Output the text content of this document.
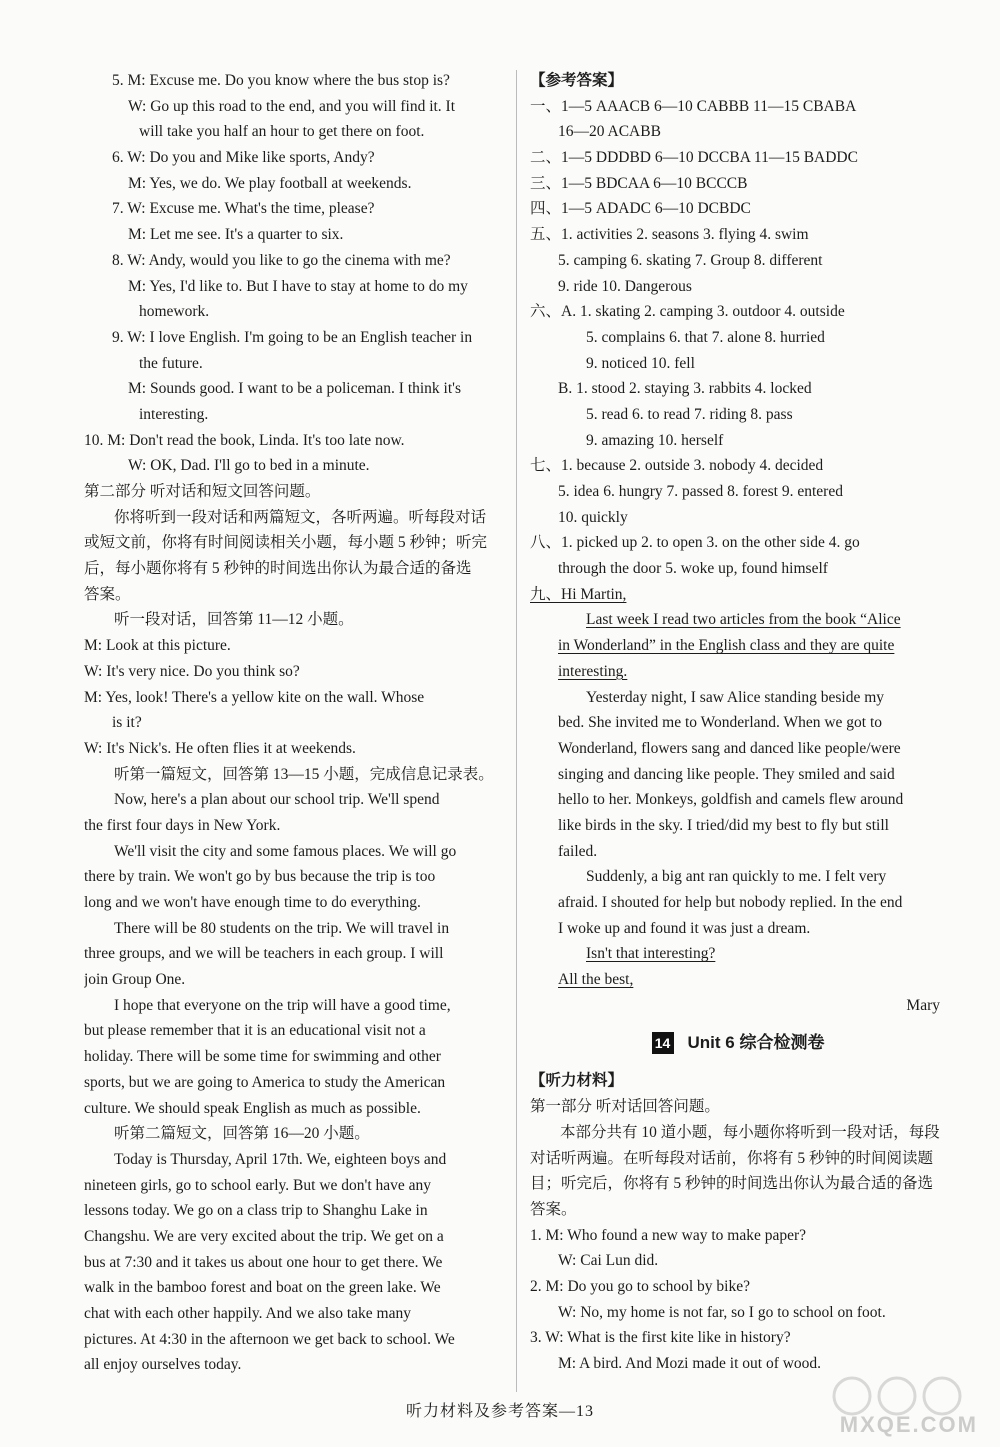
5. M: Excuse me. Do you know where the bus stop is?
W: Go up this road to the end, and you will find it. It
will take you half an hour to get there on foot.
6. W: Do you and Mike like sports, Andy?
M: Yes, we do. We play football at weekends.
7. W: Excuse me. What's the time, please?
M: Let me see. It's a quarter to six.
8. W: Andy, would you like to go the cinema with me?
M: Yes, I'd like to. But I have to stay at home to do my
homework.
9. W: I love English. I'm going to be an English teacher in
the future.
M: Sounds good. I want to be a policeman. I think it's
interesting.
10. M: Don't read the book, Linda. It's too late now.
W: OK, Dad. I'll go to bed in a minute.
第二部分 听对话和短文回答问题。
你将听到一段对话和两篇短文，各听两遍。听每段对话
或短文前，你将有时间阅读相关小题，每小题 5 秒钟；听完
后，每小题你将有 5 秒钟的时间选出你认为最合适的备选
答案。
听一段对话，回答第 11—12 小题。
M: Look at this picture.
W: It's very nice. Do you think so?
M: Yes, look! There's a yellow kite on the wall. Whose
is it?
W: It's Nick's. He often flies it at weekends.
听第一篇短文，回答第 13—15 小题，完成信息记录表。
Now, here's a plan about our school trip. We'll spend
the first four days in New York.
We'll visit the city and some famous places. We will go
there by train. We won't go by bus because the trip is too
long and we won't have enough time to do everything.
There will be 80 students on the trip. We will travel in
three groups, and we will be teachers in each group. I will
join Group One.
I hope that everyone on the trip will have a good time,
but please remember that it is an educational visit not a
holiday. There will be some time for swimming and other
sports, but we are going to America to study the American
culture. We should speak English as much as possible.
听第二篇短文，回答第 16—20 小题。
Today is Thursday, April 17th. We, eighteen boys and
nineteen girls, go to school early. But we don't have any
lessons today. We go on a class trip to Shanghu Lake in
Changshu. We are very excited about the trip. We get on a
bus at 7:30 and it takes us about one hour to get there. We
walk in the bamboo forest and boat on the green lake. We
chat with each other happily. And we also take many
pictures. At 4:30 in the afternoon we get back to school. We
all enjoy ourselves today.
【参考答案】
一、1—5 AAACB 6—10 CABBB 11—15 CBABA
16—20 ACABB
二、1—5 DDDBD 6—10 DCCBA 11—15 BADDC
三、1—5 BDCAA 6—10 BCCCB
四、1—5 ADADC 6—10 DCBDC
五、1. activities 2. seasons 3. flying 4. swim
5. camping 6. skating 7. Group 8. different
9. ride 10. Dangerous
六、A. 1. skating 2. camping 3. outdoor 4. outside
5. complains 6. that 7. alone 8. hurried
9. noticed 10. fell
B. 1. stood 2. staying 3. rabbits 4. locked
5. read 6. to read 7. riding 8. pass
9. amazing 10. herself
七、1. because 2. outside 3. nobody 4. decided
5. idea 6. hungry 7. passed 8. forest 9. entered
10. quickly
八、1. picked up 2. to open 3. on the other side 4. go
through the door 5. woke up, found himself
九、Hi Martin,
Last week I read two articles from the book “Alice
in Wonderland” in the English class and they are quite
interesting.
Yesterday night, I saw Alice standing beside my
bed. She invited me to Wonderland. When we got to
Wonderland, flowers sang and danced like people/were
singing and dancing like people. They smiled and said
hello to her. Monkeys, goldfish and camels flew around
like birds in the sky. I tried/did my best to fly but still
failed.
Suddenly, a big ant ran quickly to me. I felt very
afraid. I shouted for help but nobody replied. In the end
I woke up and found it was just a dream.
Isn't that interesting?
All the best,
Mary
14 Unit 6 综合检测卷
【听力材料】
第一部分 听对话回答问题。
本部分共有 10 道小题，每小题你将听到一段对话，每段
对话听两遍。在听每段对话前，你将有 5 秒钟的时间阅读题
目；听完后，你将有 5 秒钟的时间选出你认为最合适的备选
答案。
1. M: Who found a new way to make paper?
W: Cai Lun did.
2. M: Do you go to school by bike?
W: No, my home is not far, so I go to school on foot.
3. W: What is the first kite like in history?
M: A bird. And Mozi made it out of wood.
听力材料及参考答案—13
MXQE.COM
